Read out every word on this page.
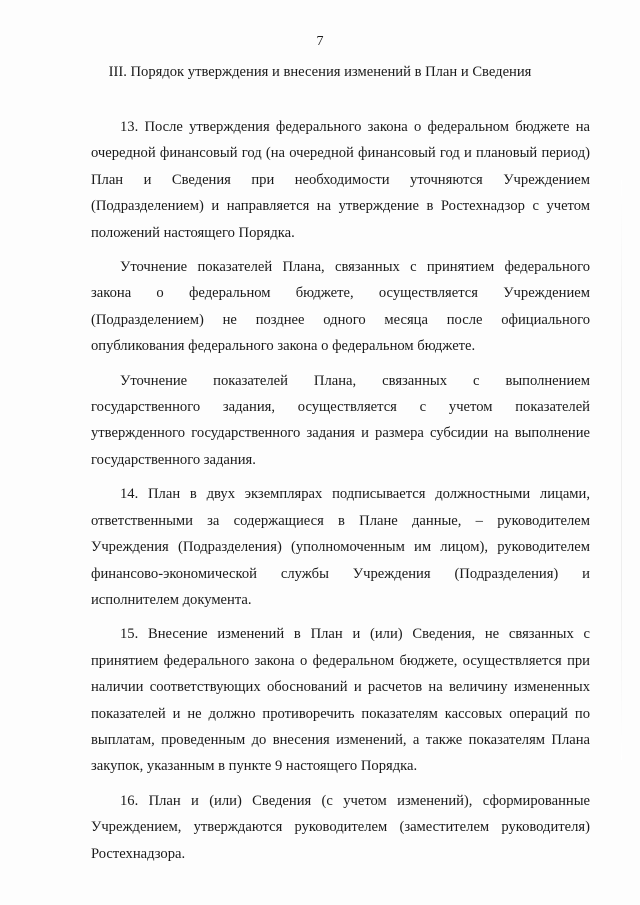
7
III. Порядок утверждения и внесения изменений в План и Сведения

13. После утверждения федерального закона о федеральном бюджете на очередной финансовый год (на очередной финансовый год и плановый период) План и Сведения при необходимости уточняются Учреждением (Подразделением) и направляется на утверждение в Ростехнадзор с учетом положений настоящего Порядка.

Уточнение показателей Плана, связанных с принятием федерального закона о федеральном бюджете, осуществляется Учреждением (Подразделением) не позднее одного месяца после официального опубликования федерального закона о федеральном бюджете.

Уточнение показателей Плана, связанных с выполнением государственного задания, осуществляется с учетом показателей утвержденного государственного задания и размера субсидии на выполнение государственного задания.

14. План в двух экземплярах подписывается должностными лицами, ответственными за содержащиеся в Плане данные, – руководителем Учреждения (Подразделения) (уполномоченным им лицом), руководителем финансово-экономической службы Учреждения (Подразделения) и исполнителем документа.

15. Внесение изменений в План и (или) Сведения, не связанных с принятием федерального закона о федеральном бюджете, осуществляется при наличии соответствующих обоснований и расчетов на величину измененных показателей и не должно противоречить показателям кассовых операций по выплатам, проведенным до внесения изменений, а также показателям Плана закупок, указанным в пункте 9 настоящего Порядка.

16. План и (или) Сведения (с учетом изменений), сформированные Учреждением, утверждаются руководителем (заместителем руководителя) Ростехнадзора.
